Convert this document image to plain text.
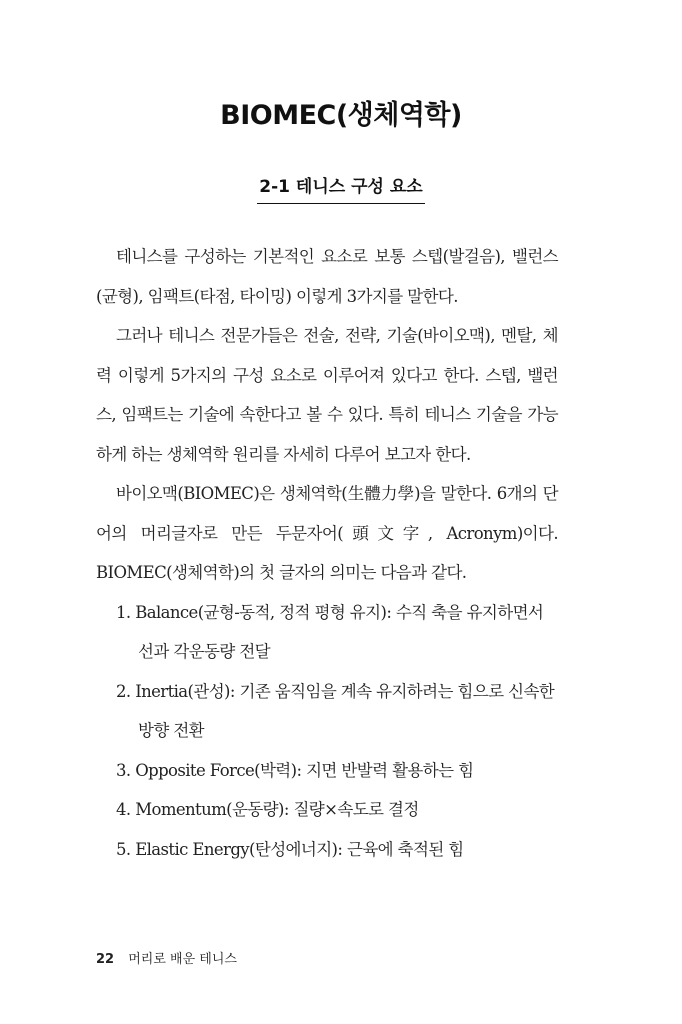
BIOMEC(생체역학)
2-1 테니스 구성 요소

테니스를 구성하는 기본적인 요소로 보통 스텝(발걸음), 밸런스(균형), 임팩트(타점, 타이밍) 이렇게 3가지를 말한다.

그러나 테니스 전문가들은 전술, 전략, 기술(바이오맥), 멘탈, 체력 이렇게 5가지의 구성 요소로 이루어져 있다고 한다. 스텝, 밸런스, 임팩트는 기술에 속한다고 볼 수 있다. 특히 테니스 기술을 가능하게 하는 생체역학 원리를 자세히 다루어 보고자 한다.

바이오맥(BIOMEC)은 생체역학(生體力學)을 말한다. 6개의 단어의 머리글자로 만든 두문자어(頭文字, Acronym)이다. BIOMEC(생체역학)의 첫 글자의 의미는 다음과 같다.

1. Balance(균형-동적, 정적 평형 유지): 수직 축을 유지하면서 선과 각운동량 전달
2. Inertia(관성): 기존 움직임을 계속 유지하려는 힘으로 신속한 방향 전환
3. Opposite Force(박력): 지면 반발력 활용하는 힘
4. Momentum(운동량): 질량×속도로 결정
5. Elastic Energy(탄성에너지): 근육에 축적된 힘
22 머리로 배운 테니스
